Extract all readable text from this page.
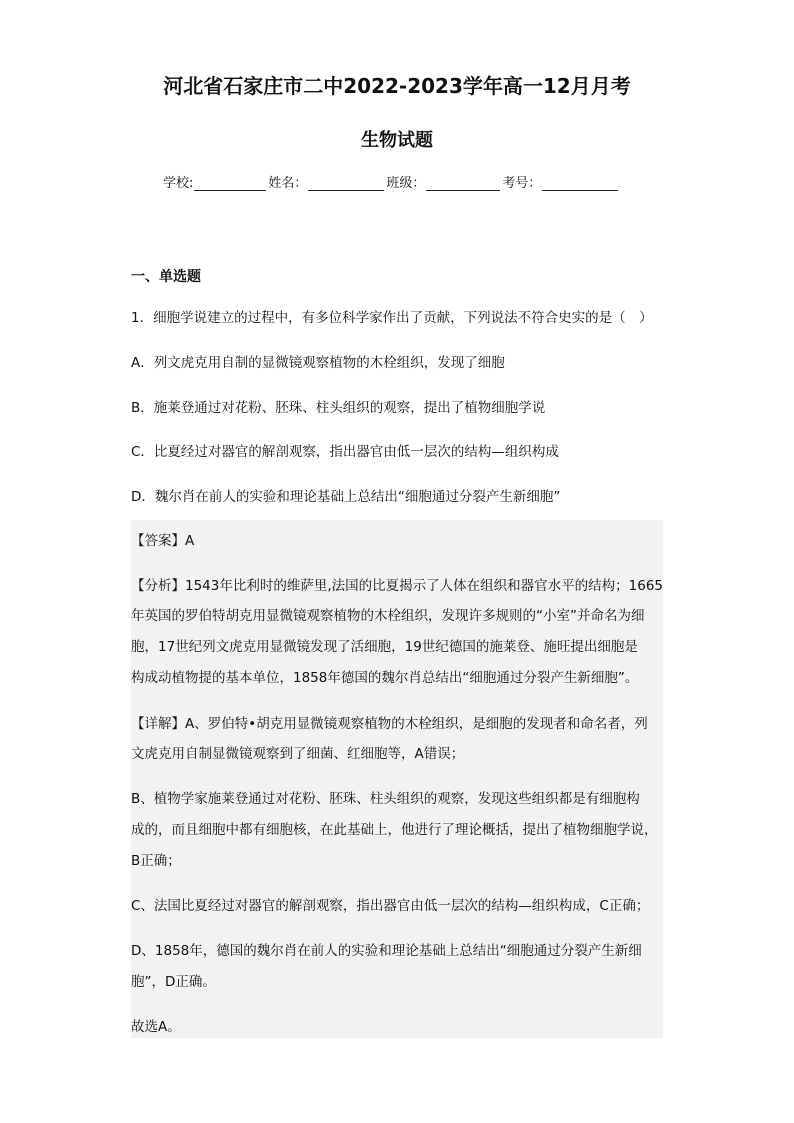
河北省石家庄市二中2022-2023学年高一12月月考
生物试题
学校:	姓名：	班级：	考号：
一、单选题
1．细胞学说建立的过程中，有多位科学家作出了贡献，下列说法不符合史实的是（　）
A．列文虎克用自制的显微镜观察植物的木栓组织，发现了细胞
B．施莱登通过对花粉、胚珠、柱头组织的观察，提出了植物细胞学说
C．比夏经过对器官的解剖观察，指出器官由低一层次的结构—组织构成
D．魏尔肖在前人的实验和理论基础上总结出“细胞通过分裂产生新细胞”
【答案】A
【分析】1543年比利时的维萨里,法国的比夏揭示了人体在组织和器官水平的结构；1665
年英国的罗伯特胡克用显微镜观察植物的木栓组织，发现许多规则的“小室”并命名为细
胞，17世纪列文虎克用显微镜发现了活细胞，19世纪德国的施莱登、施旺提出细胞是
构成动植物提的基本单位，1858年德国的魏尔肖总结出“细胞通过分裂产生新细胞”。
【详解】A、罗伯特•胡克用显微镜观察植物的木栓组织，是细胞的发现者和命名者，列
文虎克用自制显微镜观察到了细菌、红细胞等，A错误；
B、植物学家施莱登通过对花粉、胚珠、柱头组织的观察，发现这些组织都是有细胞构
成的，而且细胞中都有细胞核，在此基础上，他进行了理论概括，提出了植物细胞学说，
B正确；
C、法国比夏经过对器官的解剖观察，指出器官由低一层次的结构—组织构成，C正确；
D、1858年，德国的魏尔肖在前人的实验和理论基础上总结出“细胞通过分裂产生新细
胞”，D正确。
故选A。
